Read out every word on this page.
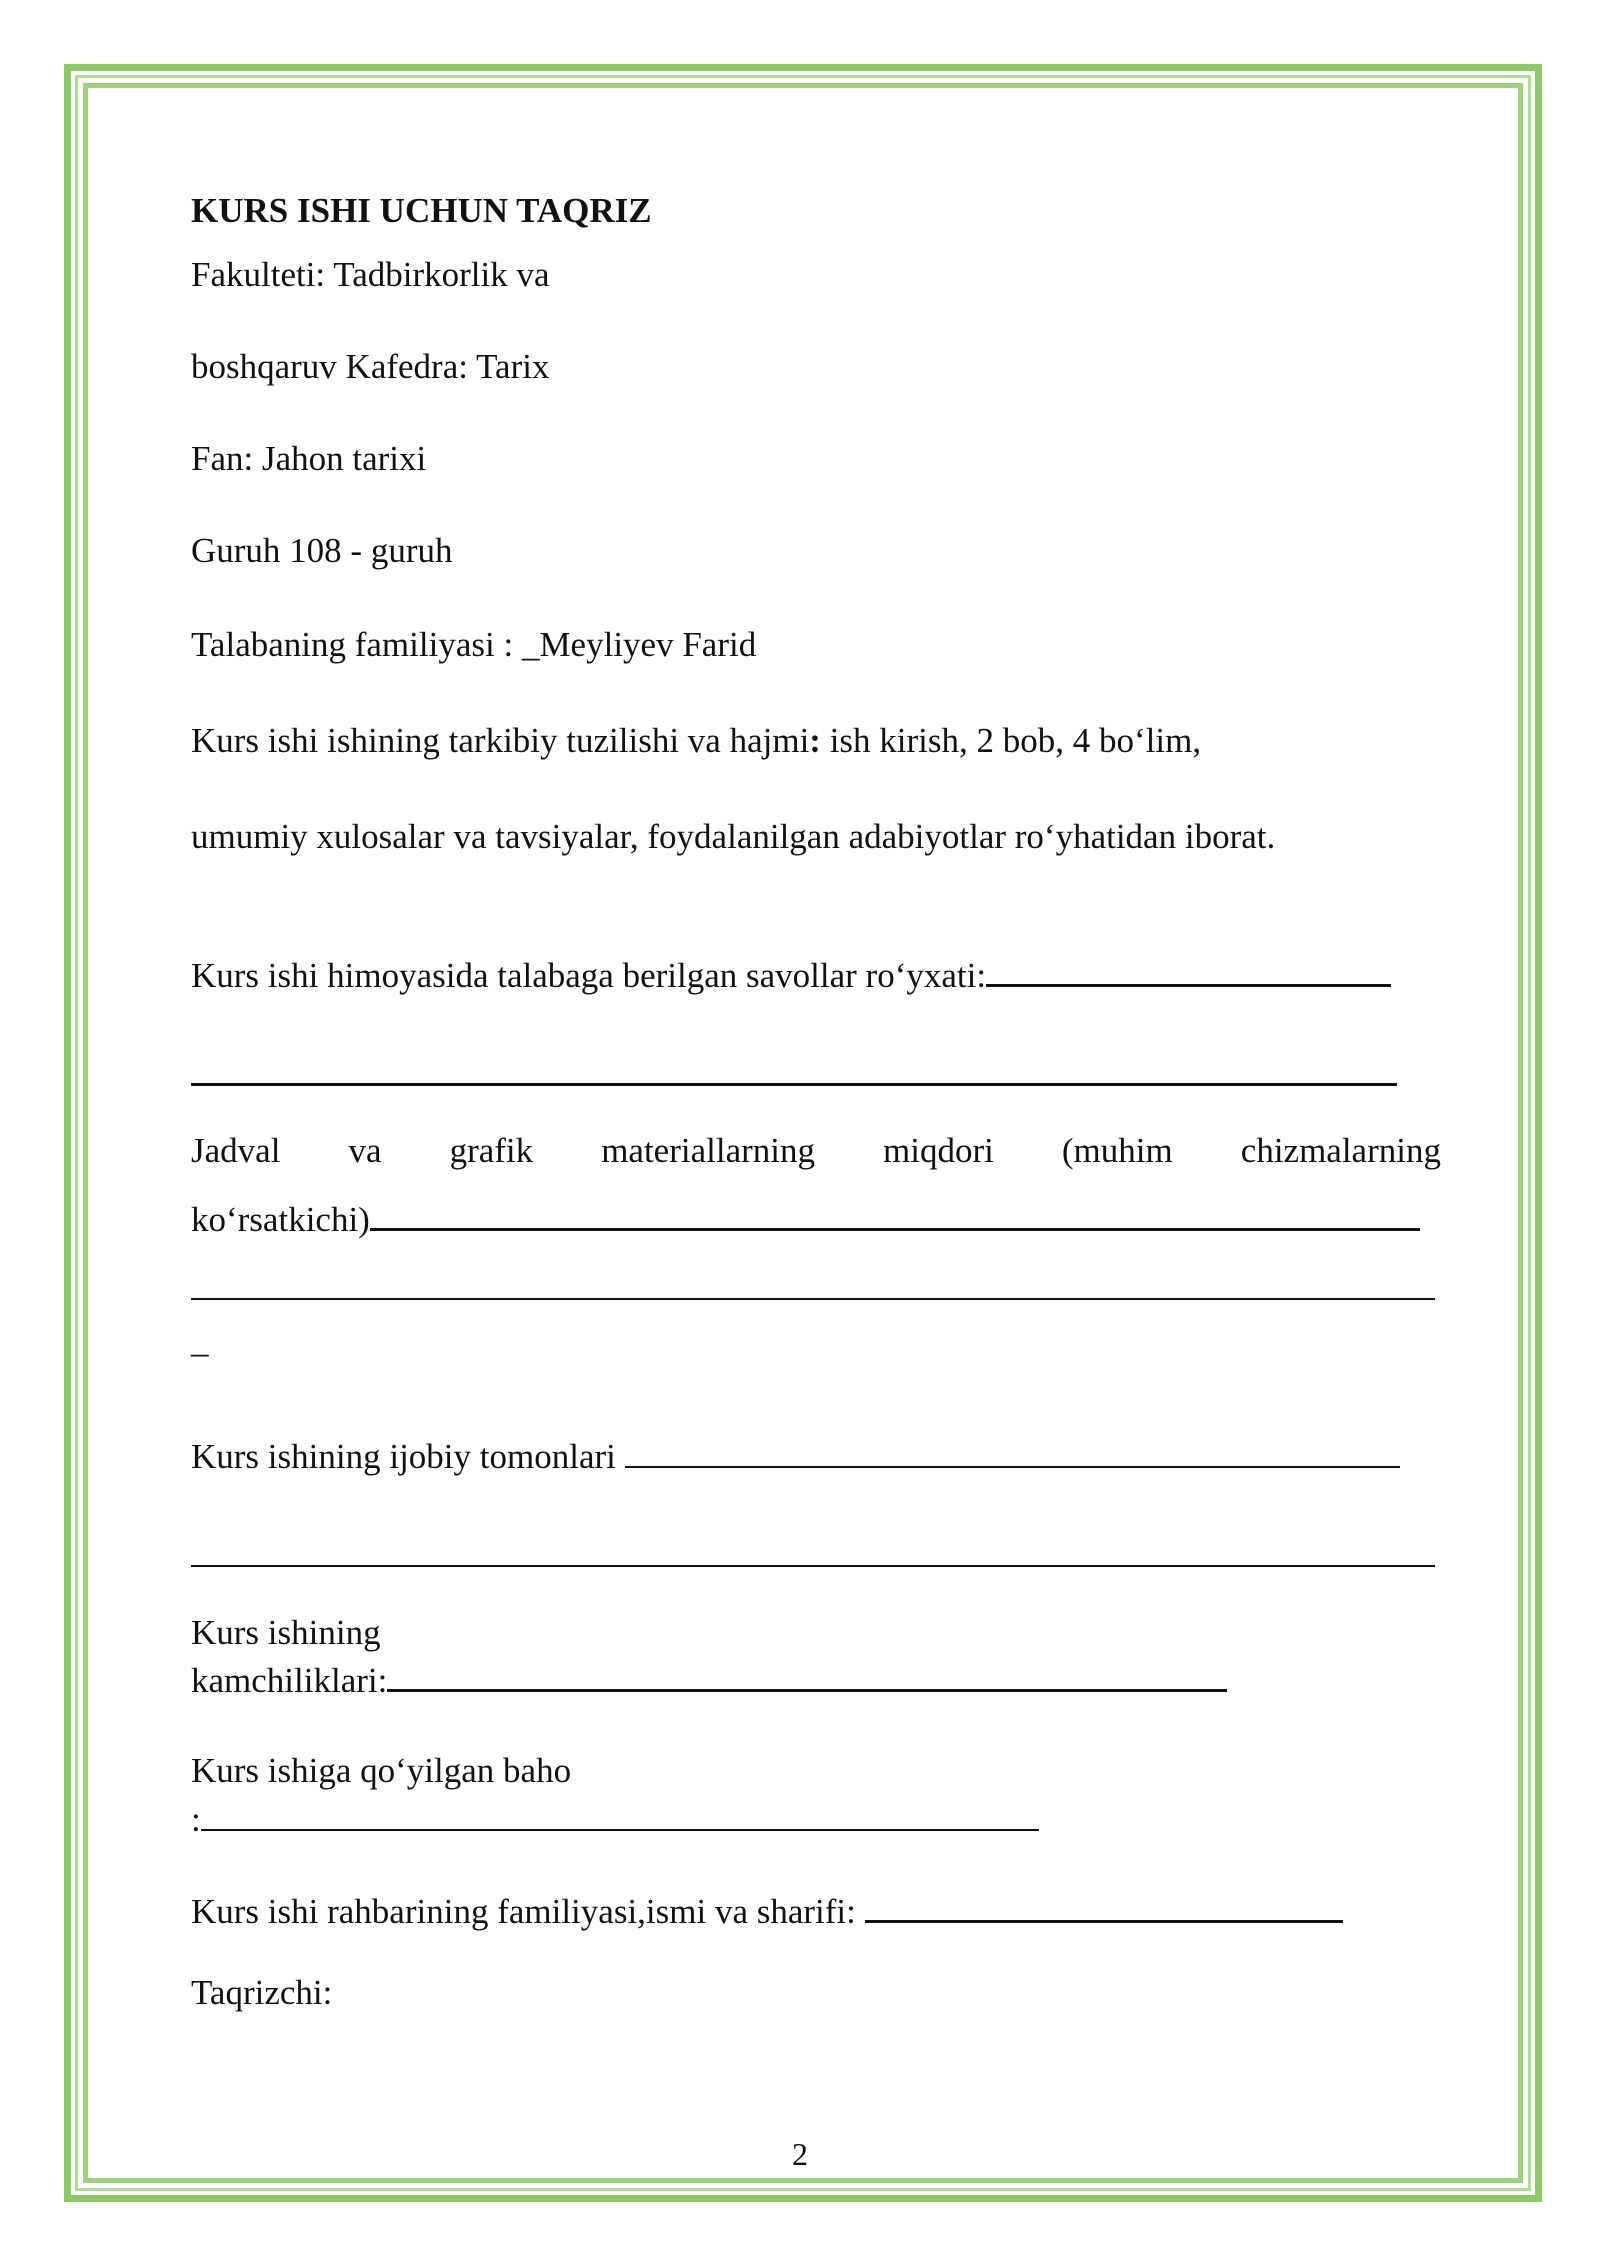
KURS ISHI UCHUN TAQRIZ
Fakulteti: Tadbirkorlik va
boshqaruv Kafedra: Tarix
Fan: Jahon tarixi
Guruh 108 - guruh
Talabaning familiyasi : _Meyliyev Farid
Kurs ishi ishining tarkibiy tuzilishi va hajmi: ish kirish, 2 bob, 4 bo‘lim,
umumiy xulosalar va tavsiyalar, foydalanilgan adabiyotlar ro‘yhatidan iborat.
Kurs ishi himoyasida talabaga berilgan savollar ro‘yxati:
Jadval va grafik materiallarning miqdori (muhim chizmalarning
ko‘rsatkichi)
_
Kurs ishining ijobiy tomonlari
Kurs ishining
kamchiliklari:
Kurs ishiga qo‘yilgan baho
:
Kurs ishi rahbarining familiyasi,ismi va sharifi:
Taqrizchi:
2
